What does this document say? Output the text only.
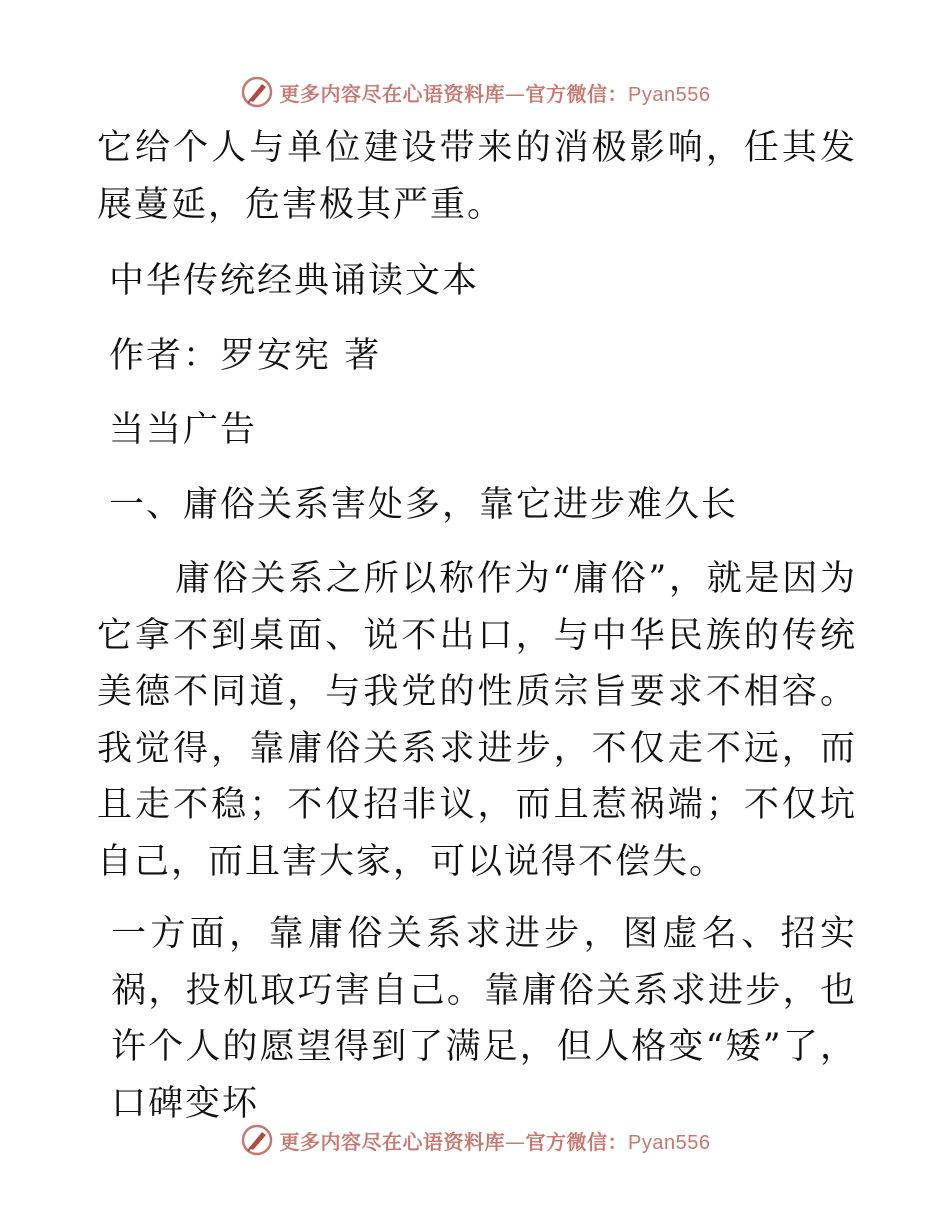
更多内容尽在心语资料库—官方微信：Pyan556

它给个人与单位建设带来的消极影响，任其发展蔓延，危害极其严重。

中华传统经典诵读文本

作者：罗安宪 著

当当广告

一、庸俗关系害处多，靠它进步难久长

庸俗关系之所以称作为“庸俗”，就是因为它拿不到桌面、说不出口，与中华民族的传统美德不同道，与我党的性质宗旨要求不相容。我觉得，靠庸俗关系求进步，不仅走不远，而且走不稳；不仅招非议，而且惹祸端；不仅坑自己，而且害大家，可以说得不偿失。

一方面，靠庸俗关系求进步，图虚名、招实祸，投机取巧害自己。靠庸俗关系求进步，也许个人的愿望得到了满足，但人格变“矮”了，口碑变坏

更多内容尽在心语资料库—官方微信：Pyan556
